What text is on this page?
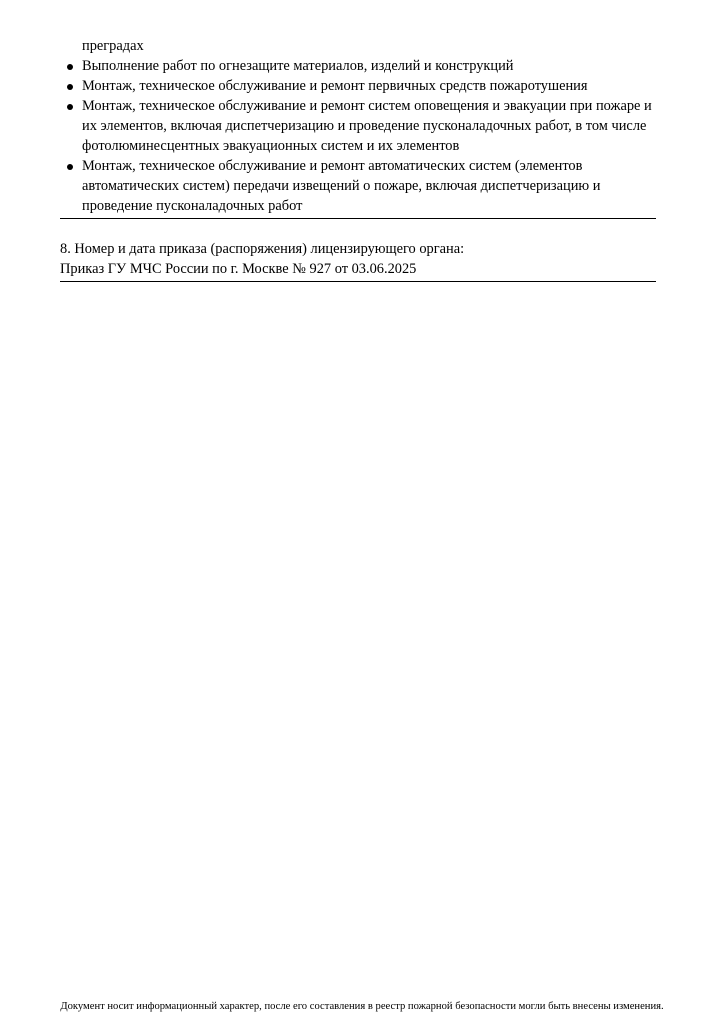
преградах
Выполнение работ по огнезащите материалов, изделий и конструкций
Монтаж, техническое обслуживание и ремонт первичных средств пожаротушения
Монтаж, техническое обслуживание и ремонт систем оповещения и эвакуации при пожаре и их элементов, включая диспетчеризацию и проведение пусконаладочных работ, в том числе фотолюминесцентных эвакуационных систем и их элементов
Монтаж, техническое обслуживание и ремонт автоматических систем (элементов автоматических систем) передачи извещений о пожаре, включая диспетчеризацию и проведение пусконаладочных работ
8. Номер и дата приказа (распоряжения) лицензирующего органа:
Приказ ГУ МЧС России по г. Москве № 927 от 03.06.2025
Документ носит информационный характер, после его составления в реестр пожарной безопасности могли быть внесены изменения.
